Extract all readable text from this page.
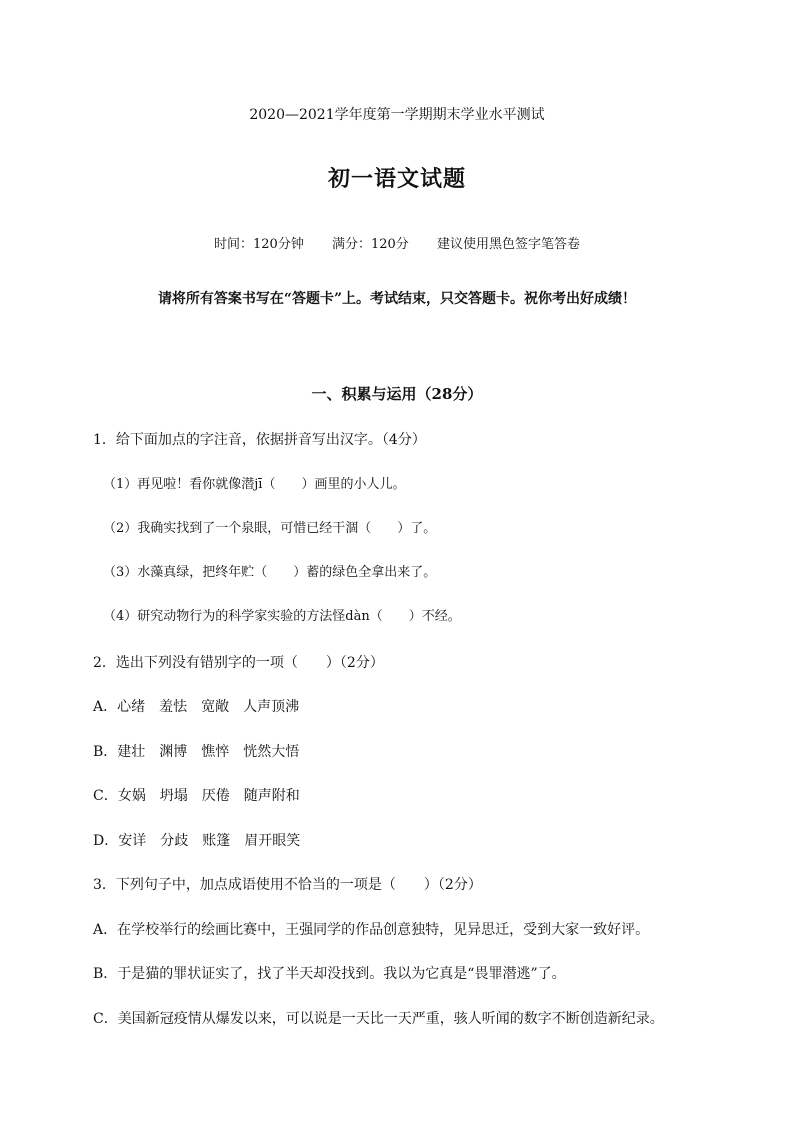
2020—2021学年度第一学期期末学业水平测试
初一语文试题
时间：120分钟 满分：120分 建议使用黑色签字笔答卷
请将所有答案书写在“答题卡”上。考试结束，只交答题卡。祝你考出好成绩！
一、积累与运用（28分）
1．给下面加点的字注音，依据拼音写出汉字。（4分）
（1）再见啦！看你就像潜jī（　　）画里的小人儿。
（2）我确实找到了一个泉眼，可惜已经干涸（　　）了。
（3）水藻真绿，把终年贮（　　）蓄的绿色全拿出来了。
（4）研究动物行为的科学家实验的方法怪dàn（　　）不经。
2．选出下列没有错别字的一项（　　）（2分）
A．心绪　羞怯　宽敞　人声顶沸
B．建壮　渊博　憔悴　恍然大悟
C．女娲　坍塌　厌倦　随声附和
D．安详　分歧　账篷　眉开眼笑
3．下列句子中，加点成语使用不恰当的一项是（　　）（2分）
A．在学校举行的绘画比赛中，王强同学的作品创意独特，见异思迁，受到大家一致好评。
B．于是猫的罪状证实了，找了半天却没找到。我以为它真是“畏罪潜逃”了。
C．美国新冠疫情从爆发以来，可以说是一天比一天严重，骇人听闻的数字不断创造新纪录。
